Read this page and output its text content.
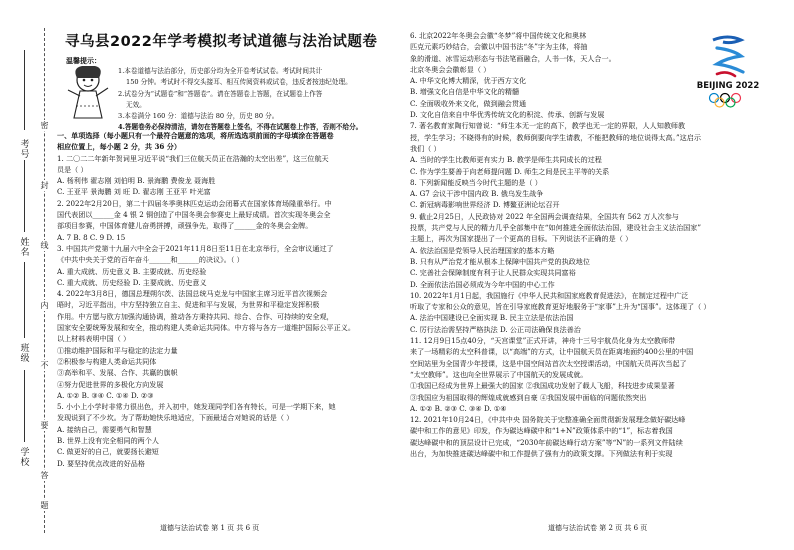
密
封
线
内
不
要
答
题
考号
姓名
班级
学校
寻乌县2022年学考模拟考试道德与法治试题卷
温馨提示：
1.本卷道德与法治部分，历史部分均为全开卷考试试卷。考试时间共计
150 分钟。考试时不得交头接耳、相互传阅资料或试卷，违反者按违纪处理。
2.试卷分为“试题卷”和“答题卷”。请在答题卷上答题，在试题卷上作答
无效。
3.本卷满分 160 分：道德与法治 80 分，历史 80 分。
4.答题卷务必保持清洁，请勿在答题卷上签名，不得在试题卷上作答，否则不给分。
一、单项选择（每小题只有一个最符合题意的选项，将所选选项前面的字母填涂在答题卷
相应位置上，每小题 2 分，共 36 分）
1. 二〇二二年新年贺词里习近平说“我们三位航天员正在浩瀚的太空出差”，这三位航天
员是（ ）
A. 杨利伟 翟志刚 刘伯明 B. 景海鹏 费俊龙 聂海胜
C. 王亚平 景海鹏 刘 旺 D. 翟志刚 王亚平 叶光富
2. 2022年2月20日，第二十四届冬季奥林匹克运动会闭幕式在国家体育场隆重举行。中
国代表团以______金 4 银 2 铜创造了中国冬奥会参赛史上最好成绩。首次实现冬奥会全
部项目参赛，中国体育健儿奋勇拼搏，顽强争先，取得了______金的冬奥会金牌。
A. 7 B. 8 C. 9 D. 15
3. 中国共产党第十九届六中全会于2021年11月8日至11日在北京举行，全会审议通过了
《中共中央关于党的百年奋斗______和______的决议》。（ ）
A. 重大成就、历史意义 B. 主要成就、历史经验
C. 重大成就、历史经验 D. 主要成就、历史意义
4. 2022年3月8日，德国总理朔尔茨、法国总统马克龙与中国家主席习近平首次视频会
晤时，习近平指出，中方坚持独立自主、促进和平与发展，为世界和平稳定发挥积极
作用。中方愿与欧方加强沟通协调，推动各方秉持共同、综合、合作、可持续的安全观，
国家安全要统筹发展和安全，推动构建人类命运共同体。中方将与各方一道维护国际公平正义。
以上材料表明中国（ ）
①推动维护国际和平与稳定的法定力量
②积极参与构建人类命运共同体
③高举和平、发展、合作、共赢的旗帜
④努力促进世界的多极化方向发展
A. ①② B. ③④ C. ①④ D. ②③
5. 小小上小学时非常力很出色，并入初中，她发现同学们各有特长，可是一学期下来，她
发现说到了不少坎。为了帮助她快乐地适应，下面最适合对她说的话是（ ）
A. 接纳自己，需要勇气和智慧
B. 世界上没有完全相同的两个人
C. 做更好的自己，就要扬长避短
D. 要坚持优点改进的好品格
BEIJING 2022
6. 北京2022年冬奥会会徽“冬梦”将中国传统文化和奥林
匹克元素巧妙结合，会徽以中国书法“冬”字为主体，将抽
象的滑道、冰雪运动形态与书法笔画融合，人书一体，天人合一。
北京冬奥会会徽彰显（ ）
A. 中华文化博大精深，优于西方文化
B. 增强文化自信是中华文化的精髓
C. 全面吸收外来文化，做到融会贯通
D. 文化自信来自中华优秀传统文化的积淀、传承、创新与发展
7. 著名教育家陶行知曾说：“师生本无一定的高下，教学也无一定的界限，人人知教师教
授，学生学习；不晓得有的时候，教师倒要向学生请教，不能把教师的地位说得太高。”这启示
我们（ ）
A. 当时的学生比教师更有实力 B. 教学是师生共同成长的过程
C. 作为学生要善于向老师提问题 D. 师生之间是民主平等的关系
8. 下列新闻能反映当今时代主题的是（ ）
A. G7 会议干涉中国内政 B. 俄乌发生战争
C. 新冠病毒影响世界经济 D. 博鳌亚洲论坛召开
9. 截止2月25日，人民政协对 2022 年全国两会调查结果，全国共有 562 万人次参与
投票，共产党与人民的精力几乎全部集中在“如何推进全面依法治国，建设社会主义法治国家”
主题上，再次为国家提出了一个更高的目标。下列说法不正确的是（ ）
A. 依法治国是党领导人民治理国家的基本方略
B. 只有从严治党才能从根本上保障中国共产党的执政地位
C. 完善社会保障制度有利于让人民群众实现共同富裕
D. 全面依法治国必须成为今年中国的中心工作
10. 2022年1月1日起，我国施行《中华人民共和国家庭教育促进法》，在制定过程中广泛
听取了专家和公众的意见，旨在引导家庭教育更好地服务于“家事”上升为“国事”。这体现了（ ）
A. 法治中国建设已全面实现 B. 民主立法是依法治国
C. 厉行法治需坚持严格执法 D. 公正司法确保良法善治
11. 12月9日15点40分，“天宫课堂”正式开讲，神舟十三号宇航员化身为太空教师带
来了一场精彩的太空科普课，以“高端”的方式，让中国航天员在距离地面约400公里的中国
空间站里为全国青少年授课，这是中国空间站首次太空授课活动，中国航天员再次当起了
“太空教师”。这也向全世界展示了中国航天的发展成就。
①我国已经成为世界上最强大的国家 ②我国成功发射了载人飞船，科技进步成果显著
③我国应为祖国取得的辉煌成就感到自豪 ④我国发展中面临的问题依然突出
A. ①② B. ②③ C. ③④ D. ①④
12. 2021年10月24日，《中共中央 国务院关于完整准确全面贯彻新发展理念做好碳达峰
碳中和工作的意见》印发，作为碳达峰碳中和“1+N”政策体系中的“1”，标志着我国
碳达峰碳中和的顶层设计已完成，“2030年前碳达峰行动方案”等“N”的一系列文件陆续
出台，为加快推进碳达峰碳中和工作提供了强有力的政策支撑。下列做法有利于实现
道德与法治试卷 第 1 页 共 6 页	道德与法治试卷 第 2 页 共 6 页
